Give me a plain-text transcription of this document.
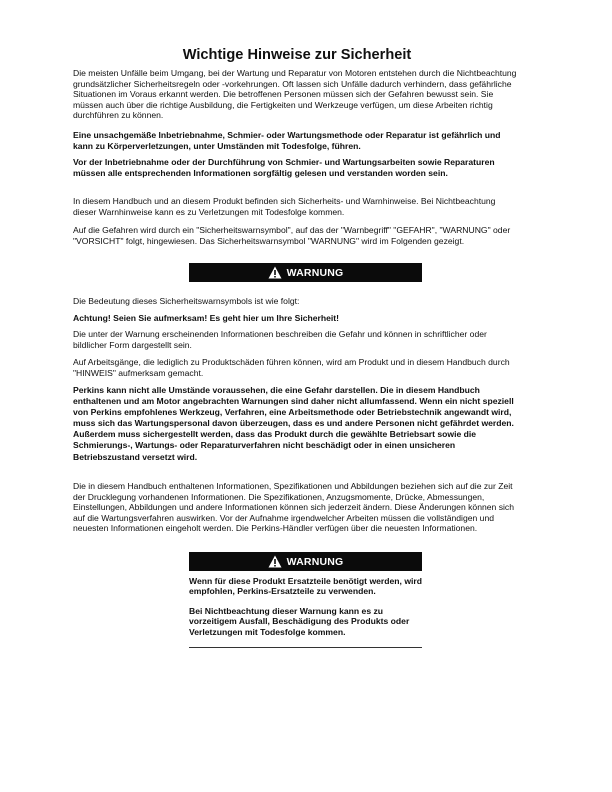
Wichtige Hinweise zur Sicherheit

Die meisten Unfälle beim Umgang, bei der Wartung und Reparatur von Motoren entstehen durch die Nichtbeachtung grundsätzlicher Sicherheitsregeln oder -vorkehrungen. Oft lassen sich Unfälle dadurch verhindern, dass gefährliche Situationen im Voraus erkannt werden. Die betroffenen Personen müssen sich der Gefahren bewusst sein. Sie müssen auch über die richtige Ausbildung, die Fertigkeiten und Werkzeuge verfügen, um diese Arbeiten richtig durchführen zu können.

Eine unsachgemäße Inbetriebnahme, Schmier- oder Wartungsmethode oder Reparatur ist gefährlich und kann zu Körperverletzungen, unter Umständen mit Todesfolge, führen.

Vor der Inbetriebnahme oder der Durchführung von Schmier- und Wartungsarbeiten sowie Reparaturen müssen alle entsprechenden Informationen sorgfältig gelesen und verstanden worden sein.

In diesem Handbuch und an diesem Produkt befinden sich Sicherheits- und Warnhinweise. Bei Nichtbeachtung dieser Warnhinweise kann es zu Verletzungen mit Todesfolge kommen.

Auf die Gefahren wird durch ein "Sicherheitswarnsymbol", auf das der "Warnbegriff" "GEFAHR", "WARNUNG" oder "VORSICHT" folgt, hingewiesen. Das Sicherheitswarnsymbol "WARNUNG" wird im Folgenden gezeigt.

WARNUNG

Die Bedeutung dieses Sicherheitswarnsymbols ist wie folgt:

Achtung! Seien Sie aufmerksam! Es geht hier um Ihre Sicherheit!

Die unter der Warnung erscheinenden Informationen beschreiben die Gefahr und können in schriftlicher oder bildlicher Form dargestellt sein.

Auf Arbeitsgänge, die lediglich zu Produktschäden führen können, wird am Produkt und in diesem Handbuch durch "HINWEIS" aufmerksam gemacht.

Perkins kann nicht alle Umstände voraussehen, die eine Gefahr darstellen. Die in diesem Handbuch enthaltenen und am Motor angebrachten Warnungen sind daher nicht allumfassend. Wenn ein nicht speziell von Perkins empfohlenes Werkzeug, Verfahren, eine Arbeitsmethode oder Betriebstechnik angewandt wird, muss sich das Wartungspersonal davon überzeugen, dass es und andere Personen nicht gefährdet werden. Außerdem muss sichergestellt werden, dass das Produkt durch die gewählte Betriebsart sowie die Schmierungs-, Wartungs- oder Reparaturverfahren nicht beschädigt oder in einen unsicheren Betriebszustand versetzt wird.

Die in diesem Handbuch enthaltenen Informationen, Spezifikationen und Abbildungen beziehen sich auf die zur Zeit der Drucklegung vorhandenen Informationen. Die Spezifikationen, Anzugsmomente, Drücke, Abmessungen, Einstellungen, Abbildungen und andere Informationen können sich jederzeit ändern. Diese Änderungen können sich auf die Wartungsverfahren auswirken. Vor der Aufnahme irgendwelcher Arbeiten müssen die vollständigen und neuesten Informationen eingeholt werden. Die Perkins-Händler verfügen über die neuesten Informationen.

WARNUNG

Wenn für diese Produkt Ersatzteile benötigt werden, wird empfohlen, Perkins-Ersatzteile zu verwenden.

Bei Nichtbeachtung dieser Warnung kann es zu vorzeitigem Ausfall, Beschädigung des Produkts oder Verletzungen mit Todesfolge kommen.
